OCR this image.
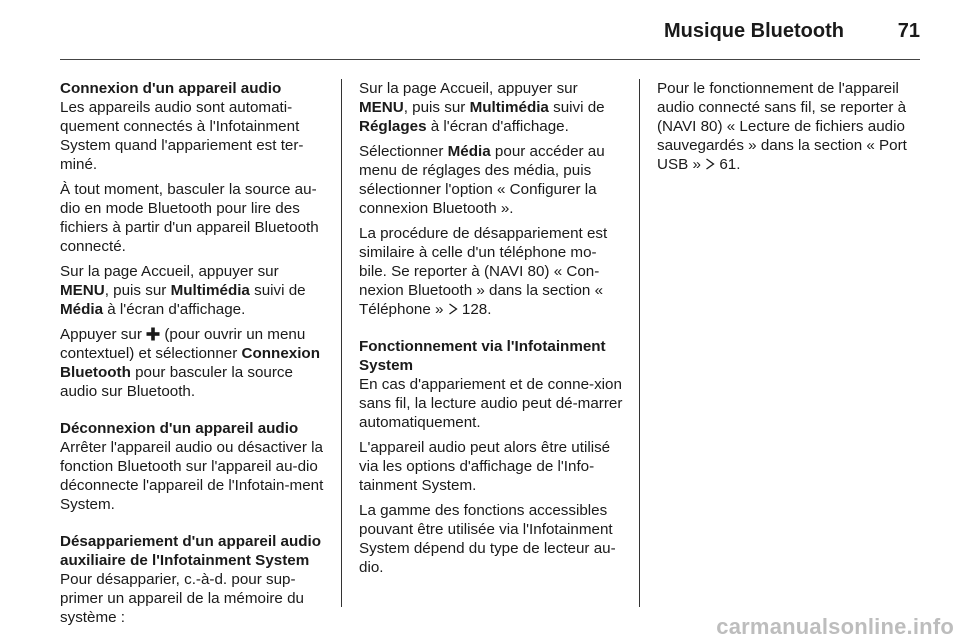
Musique Bluetooth	71

Connexion d'un appareil audio

Les appareils audio sont automati-quement connectés à l'Infotainment System quand l'appariement est ter-miné.

À tout moment, basculer la source au-dio en mode Bluetooth pour lire des fichiers à partir d'un appareil Bluetooth connecté.

Sur la page Accueil, appuyer sur MENU, puis sur Multimédia suivi de Média à l'écran d'affichage.

Appuyer sur  (pour ouvrir un menu contextuel) et sélectionner Connexion Bluetooth pour basculer la source audio sur Bluetooth.

Déconnexion d'un appareil audio

Arrêter l'appareil audio ou désactiver la fonction Bluetooth sur l'appareil au-dio déconnecte l'appareil de l'Infotain-ment System.

Désappariement d'un appareil audio auxiliaire de l'Infotainment System

Pour désapparier, c.-à-d. pour sup-primer un appareil de la mémoire du système :

Sur la page Accueil, appuyer sur MENU, puis sur Multimédia suivi de Réglages à l'écran d'affichage.

Sélectionner Média pour accéder au menu de réglages des média, puis sélectionner l'option « Configurer la connexion Bluetooth ».

La procédure de désappariement est similaire à celle d'un téléphone mo-bile. Se reporter à (NAVI 80) « Con-nexion Bluetooth » dans la section « Téléphone »  128.

Fonctionnement via l'Infotainment System

En cas d'appariement et de conne-xion sans fil, la lecture audio peut dé-marrer automatiquement.

L'appareil audio peut alors être utilisé via les options d'affichage de l'Info-tainment System.

La gamme des fonctions accessibles pouvant être utilisée via l'Infotainment System dépend du type de lecteur au-dio.

Pour le fonctionnement de l'appareil audio connecté sans fil, se reporter à (NAVI 80) « Lecture de fichiers audio sauvegardés » dans la section « Port USB »  61.

carmanualsonline.info
